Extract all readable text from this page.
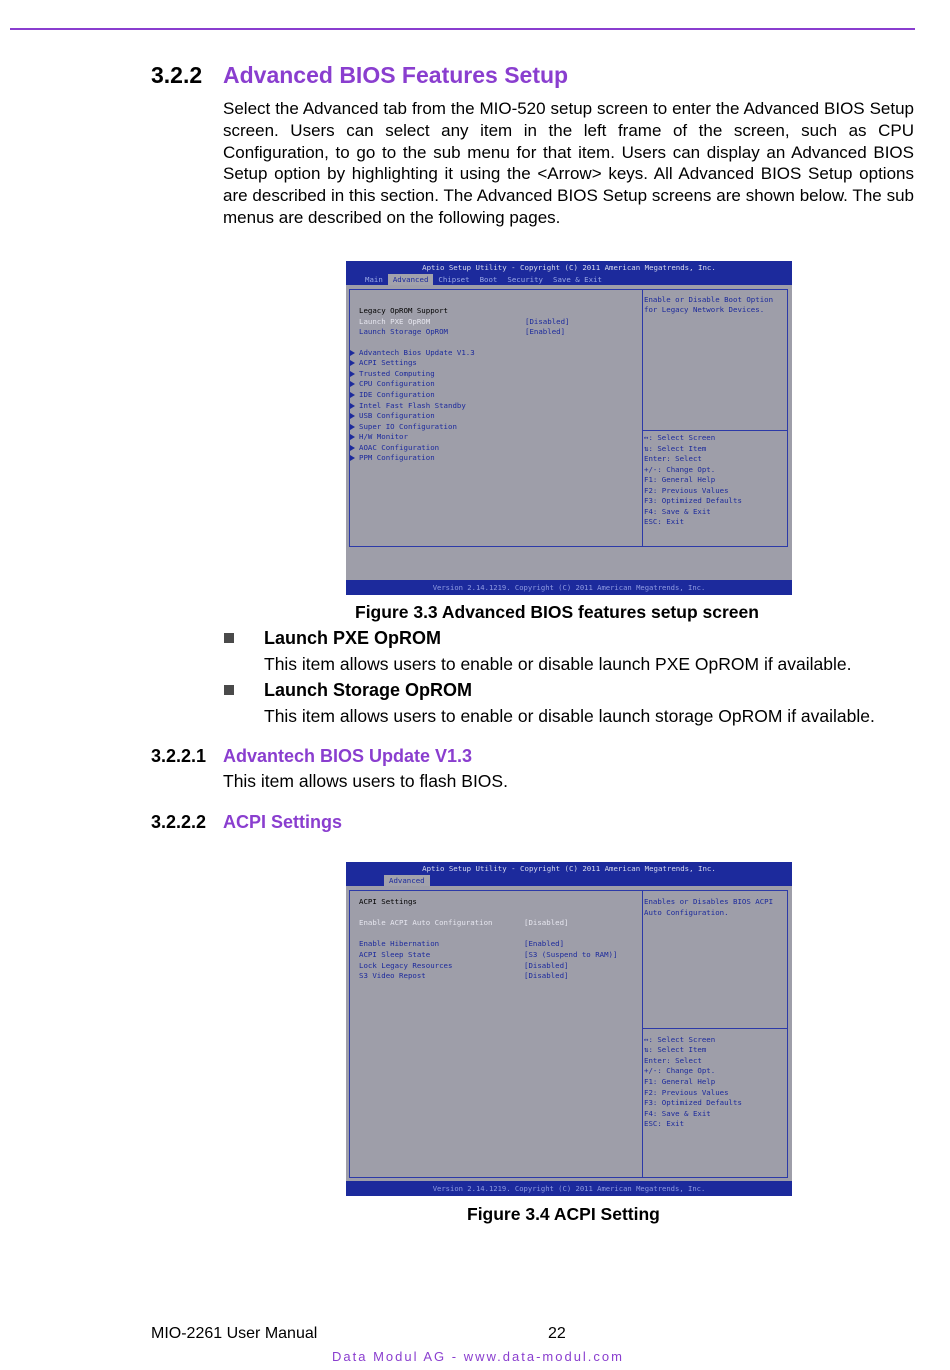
3.2.2 Advanced BIOS Features Setup
Select the Advanced tab from the MIO-520 setup screen to enter the Advanced BIOS Setup screen. Users can select any item in the left frame of the screen, such as CPU Configuration, to go to the sub menu for that item. Users can display an Advanced BIOS Setup option by highlighting it using the <Arrow> keys. All Advanced BIOS Setup options are described in this section. The Advanced BIOS Setup screens are shown below. The sub menus are described on the following pages.
Aptio Setup Utility - Copyright (C) 2011 American Megatrends, Inc.
Main	Advanced	Chipset	Boot	Security	Save & Exit
Legacy OpROM Support
Launch PXE OpROM	[Disabled]
Launch Storage OpROM	[Enabled]
Advantech Bios Update V1.3
ACPI Settings
Trusted Computing
CPU Configuration
IDE Configuration
Intel Fast Flash Standby
USB Configuration
Super IO Configuration
H/W Monitor
AOAC Configuration
PPM Configuration
Enable or Disable Boot Option
for Legacy Network Devices.
↔: Select Screen
⇅: Select Item
Enter: Select
+/-: Change Opt.
F1: General Help
F2: Previous Values
F3: Optimized Defaults
F4: Save & Exit
ESC: Exit
Version 2.14.1219. Copyright (C) 2011 American Megatrends, Inc.
Figure 3.3 Advanced BIOS features setup screen
Launch PXE OpROM
This item allows users to enable or disable launch PXE OpROM if available.
Launch Storage OpROM
This item allows users to enable or disable launch storage OpROM if available.
3.2.2.1 Advantech BIOS Update V1.3
This item allows users to flash BIOS.
3.2.2.2 ACPI Settings
Aptio Setup Utility - Copyright (C) 2011 American Megatrends, Inc.
Advanced
ACPI Settings
Enable ACPI Auto Configuration	[Disabled]
Enable Hibernation	[Enabled]
ACPI Sleep State	[S3 (Suspend to RAM)]
Lock Legacy Resources	[Disabled]
S3 Video Repost	[Disabled]
Enables or Disables BIOS ACPI
Auto Configuration.
↔: Select Screen
⇅: Select Item
Enter: Select
+/-: Change Opt.
F1: General Help
F2: Previous Values
F3: Optimized Defaults
F4: Save & Exit
ESC: Exit
Version 2.14.1219. Copyright (C) 2011 American Megatrends, Inc.
Figure 3.4 ACPI Setting
MIO-2261 User Manual	22
Data Modul AG - www.data-modul.com
